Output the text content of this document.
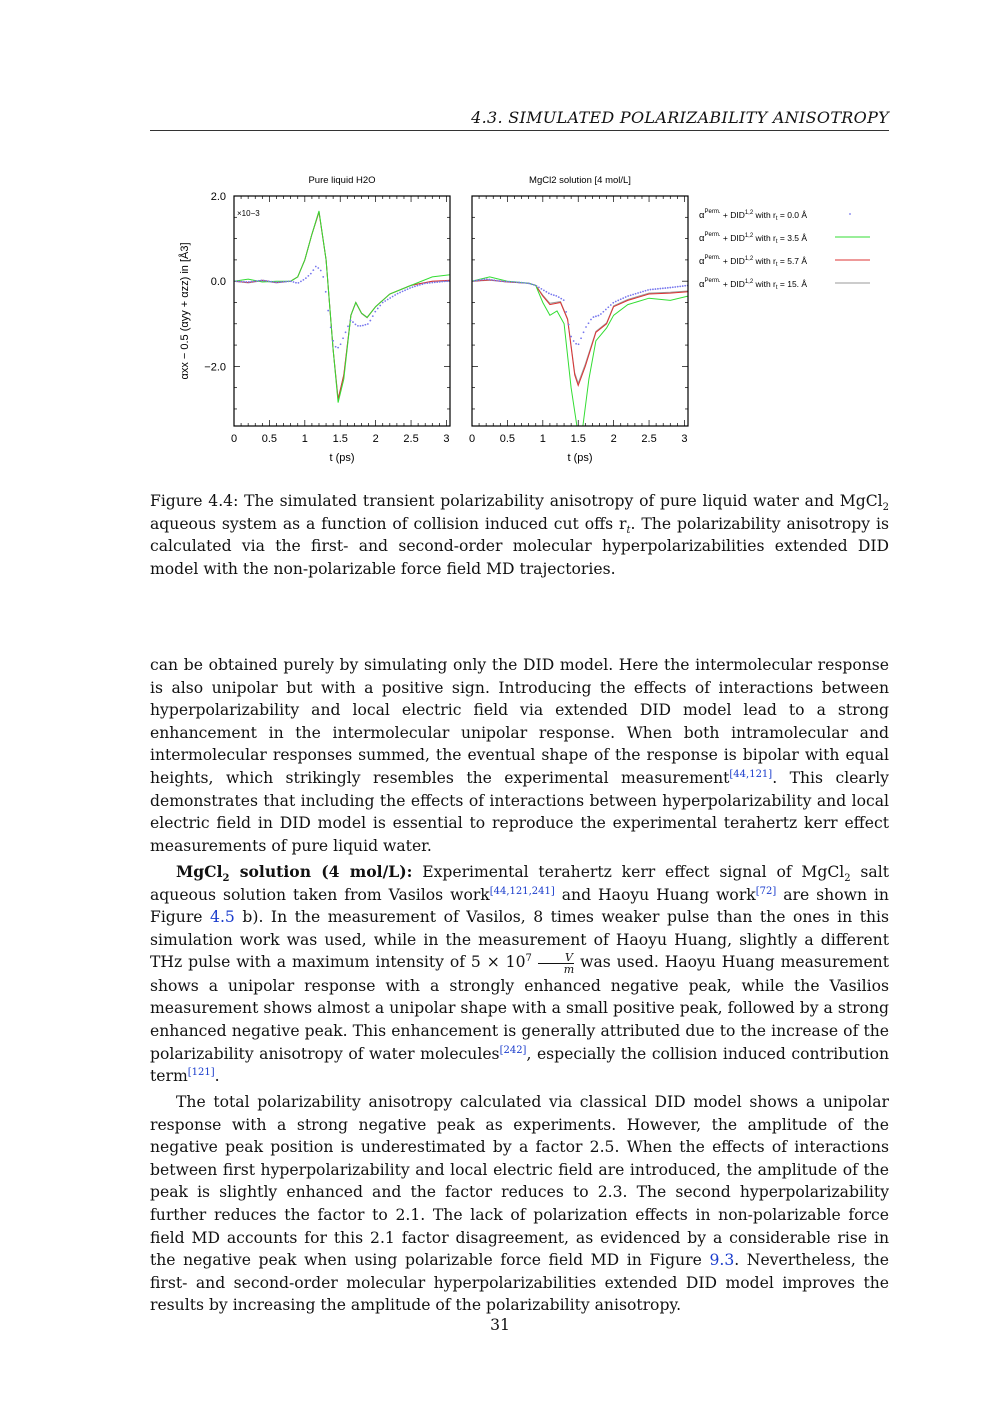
4.3. SIMULATED POLARIZABILITY ANISOTROPY
Pure liquid H2O
0 0.5 1 1.5 2 2.5 3
t (ps)
2.0
0.0
−2.0
×10−3
αxx − 0.5 (αyy + αzz) in [Å3]
MgCl2 solution [4 mol/L]
0 0.5 1 1.5 2 2.5 3
t (ps)
$\alpha^{Perm.} + DID^{1,2}$ with $r_t = 0.0$ Å
$\alpha^{Perm.} + DID^{1,2}$ with $r_t = 3.5$ Å
$\alpha^{Perm.} + DID^{1,2}$ with $r_t = 5.7$ Å
$\alpha^{Perm.} + DID^{1,2}$ with $r_t = 15$. Å
Figure 4.4: The simulated transient polarizability anisotropy of pure liquid water and MgCl$_2$ aqueous system as a function of collision induced cut offs $r_t$. The polarizability anisotropy is calculated via the first- and second-order molecular hyperpolarizabilities extended DID model with the non-polarizable force field MD trajectories.
can be obtained purely by simulating only the DID model. Here the intermolecular response is also unipolar but with a positive sign. Introducing the effects of interactions between hyperpolarizability and local electric field via extended DID model lead to a strong enhancement in the intermolecular unipolar response. When both intramolecular and intermolecular responses summed, the eventual shape of the response is bipolar with equal heights, which strikingly resembles the experimental measurement[44,121]. This clearly demonstrates that including the effects of interactions between hyperpolarizability and local electric field in DID model is essential to reproduce the experimental terahertz kerr effect measurements of pure liquid water.
MgCl$_2$ solution (4 mol/L): Experimental terahertz kerr effect signal of MgCl$_2$ salt aqueous solution taken from Vasilos work[44,121,241] and Haoyu Huang work[72] are shown in Figure 4.5 b). In the measurement of Vasilos, 8 times weaker pulse than the ones in this simulation work was used, while in the measurement of Haoyu Huang, slightly a different THz pulse with a maximum intensity of $5 \times 10^7 \frac{V}{m}$ was used. Haoyu Huang measurement shows a unipolar response with a strongly enhanced negative peak, while the Vasilios measurement shows almost a unipolar shape with a small positive peak, followed by a strong enhanced negative peak. This enhancement is generally attributed due to the increase of the polarizability anisotropy of water molecules[242], especially the collision induced contribution term[121].
The total polarizability anisotropy calculated via classical DID model shows a unipolar response with a strong negative peak as experiments. However, the amplitude of the negative peak position is underestimated by a factor 2.5. When the effects of interactions between first hyperpolarizability and local electric field are introduced, the amplitude of the peak is slightly enhanced and the factor reduces to 2.3. The second hyperpolarizability further reduces the factor to 2.1. The lack of polarization effects in non-polarizable force field MD accounts for this 2.1 factor disagreement, as evidenced by a considerable rise in the negative peak when using polarizable force field MD in Figure 9.3. Nevertheless, the first- and second-order molecular hyperpolarizabilities extended DID model improves the results by increasing the amplitude of the polarizability anisotropy.
31
